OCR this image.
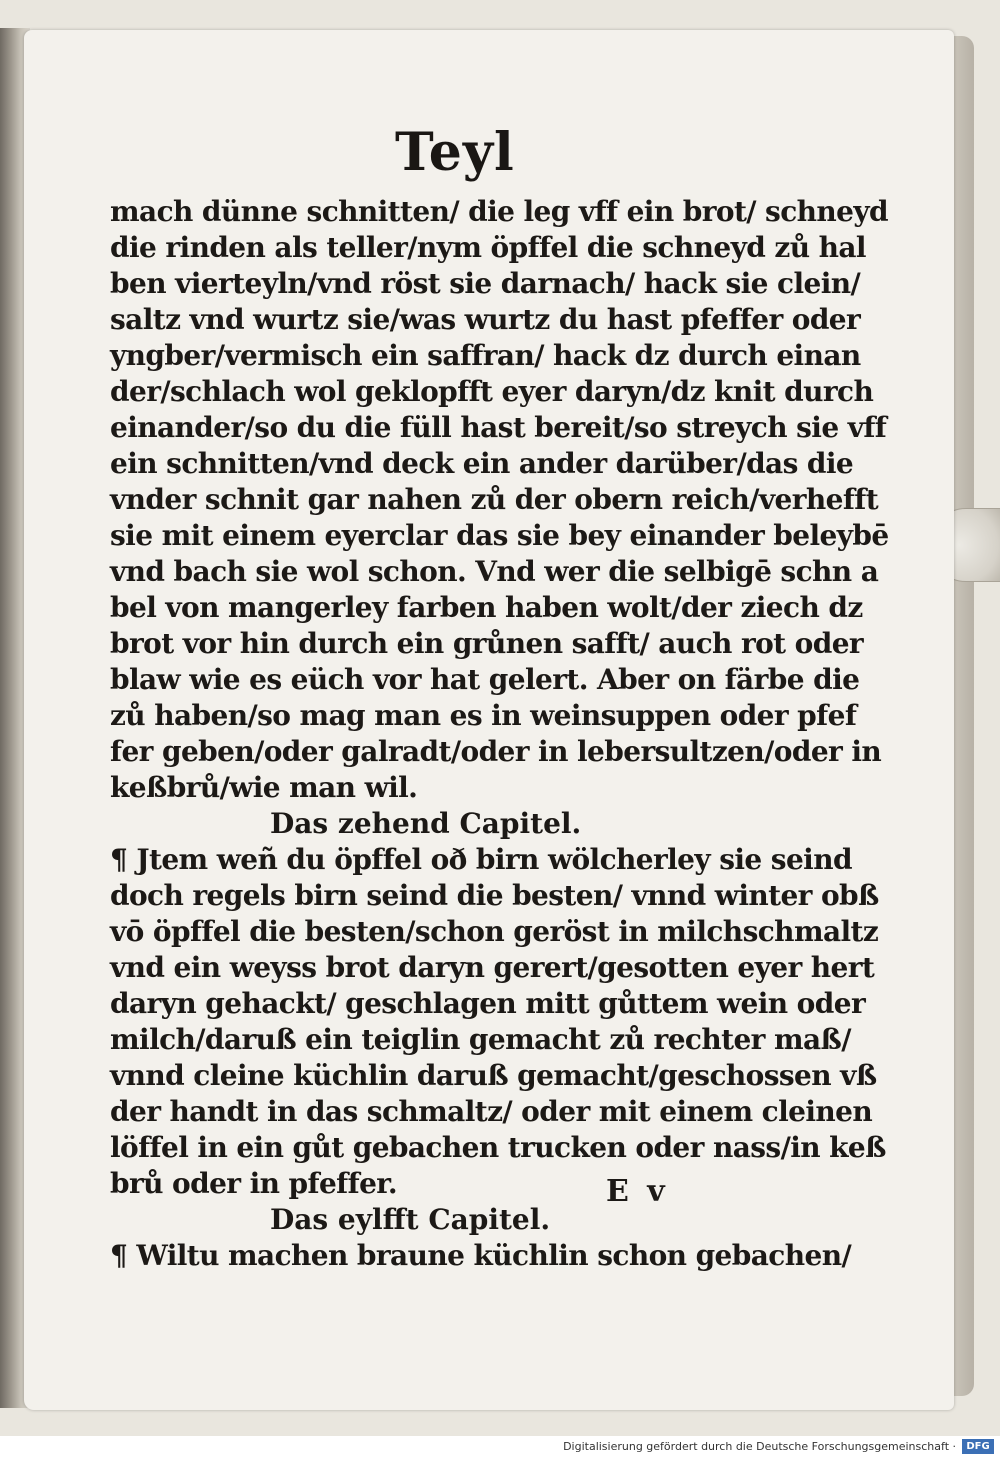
Teyl
mach dünne schnitten/ die leg vff ein brot/ schneyd
die rinden als teller/nym öpffel die schneyd zů hal
ben vierteyln/vnd röst sie darnach/ hack sie clein/
saltz vnd wurtz sie/was wurtz du hast pfeffer oder
yngber/vermisch ein saffran/ hack dz durch einan
der/schlach wol geklopfft eyer daryn/dz knit durch
einander/so du die füll hast bereit/so streych sie vff
ein schnitten/vnd deck ein ander darüber/das die
vnder schnit gar nahen zů der obern reich/verhefft
sie mit einem eyerclar das sie bey einander beleybē
vnd bach sie wol schon. Vnd wer die selbigē schn a
bel von mangerley farben haben wolt/der ziech dz
brot vor hin durch ein grůnen safft/ auch rot oder
blaw wie es eüch vor hat gelert. Aber on färbe die
zů haben/so mag man es in weinsuppen oder pfef
fer geben/oder galradt/oder in lebersultzen/oder in
keßbrů/wie man wil.
Das zehend Capitel.
¶ Jtem weñ du öpffel oð birn wölcherley sie seind
doch regels birn seind die besten/ vnnd winter obß
vō öpffel die besten/schon geröst in milchschmaltz
vnd ein weyss brot daryn gerert/gesotten eyer hert
daryn gehackt/ geschlagen mitt gůttem wein oder
milch/daruß ein teiglin gemacht zů rechter maß/
vnnd cleine küchlin daruß gemacht/geschossen vß
der handt in das schmaltz/ oder mit einem cleinen
löffel in ein gůt gebachen trucken oder nass/in keß
brů oder in pfeffer.
Das eylfft Capitel.
¶ Wiltu machen braune küchlin schon gebachen/
E v
Digitalisierung gefördert durch die Deutsche Forschungsgemeinschaft ·	DFG
